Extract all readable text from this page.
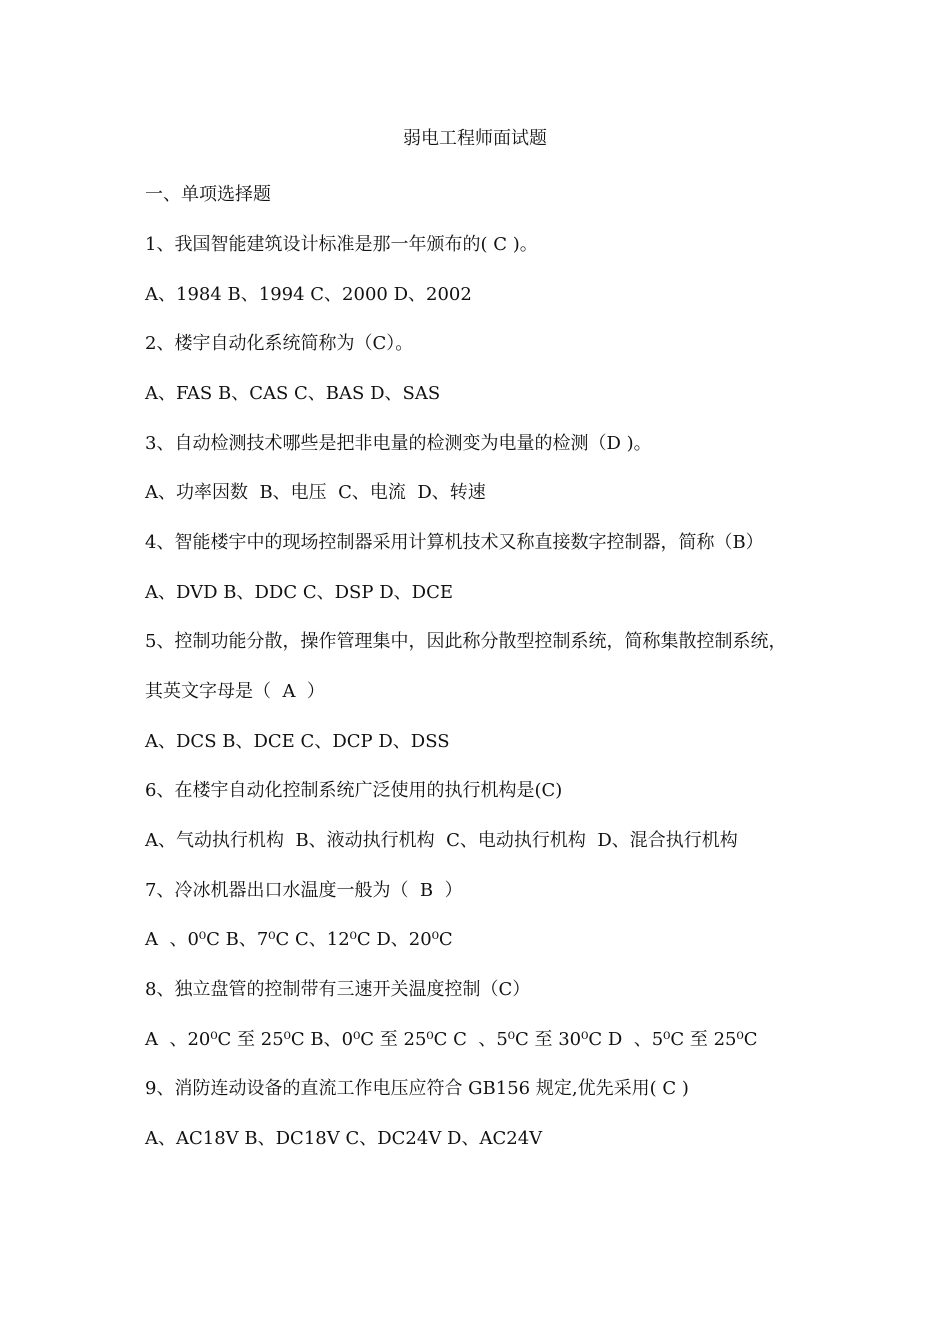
弱电工程师面试题
一、单项选择题
1、我国智能建筑设计标准是那一年颁布的( C )。
A、1984 B、1994 C、2000 D、2002
2、楼宇自动化系统简称为（C）。
A、FAS B、CAS C、BAS D、SAS
3、自动检测技术哪些是把非电量的检测变为电量的检测（D )。
A、功率因数  B、电压  C、电流  D、转速
4、智能楼宇中的现场控制器采用计算机技术又称直接数字控制器，简称（B）
A、DVD B、DDC C、DSP D、DCE
5、控制功能分散，操作管理集中，因此称分散型控制系统，简称集散控制系统，
其英文字母是（  A  ）
A、DCS B、DCE C、DCP D、DSS
6、在楼宇自动化控制系统广泛使用的执行机构是(C)
A、气动执行机构  B、液动执行机构  C、电动执行机构  D、混合执行机构
7、冷冰机器出口水温度一般为（  B  ）
A  、0⁰C B、7⁰C C、12⁰C D、20⁰C
8、独立盘管的控制带有三速开关温度控制（C）
A  、20⁰C 至 25⁰C B、0⁰C 至 25⁰C C  、5⁰C 至 30⁰C D  、5⁰C 至 25⁰C
9、消防连动设备的直流工作电压应符合 GB156 规定,优先采用( C )
A、AC18V B、DC18V C、DC24V D、AC24V
